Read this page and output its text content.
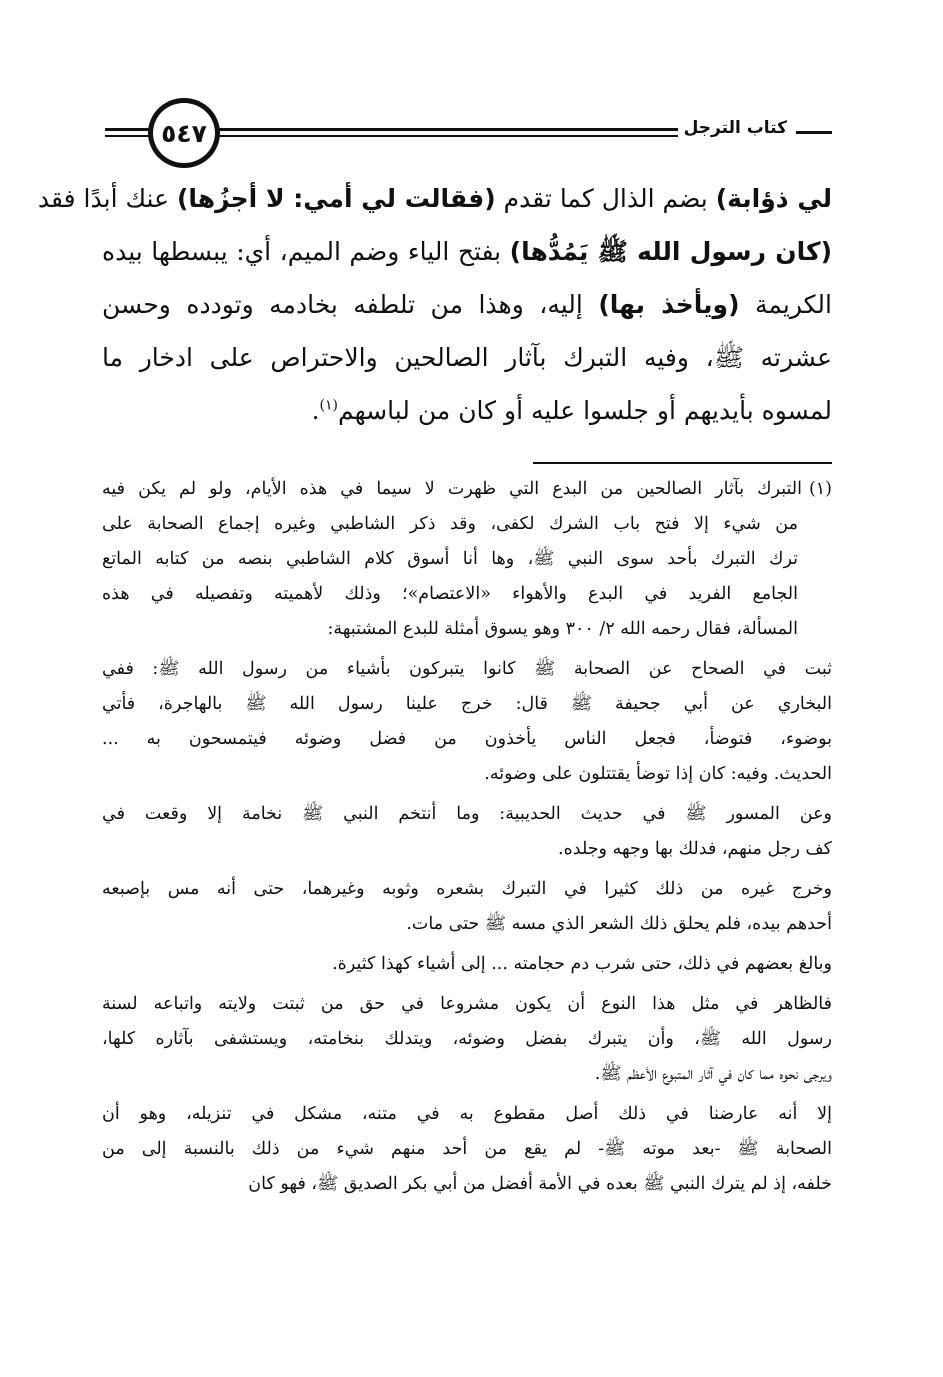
٥٤٧	كتاب الترجل
لي ذؤابة) بضم الذال كما تقدم (فقالت لي أمي: لا أجزُها) عنك أبدًا فقد
(كان رسول الله ﷺ يَمُدُّها) بفتح الياء وضم الميم، أي: يبسطها بيده
الكريمة (ويأخذ بها) إليه، وهذا من تلطفه بخادمه وتودده وحسن
عشرته ﷺ، وفيه التبرك بآثار الصالحين والاحتراص على ادخار ما
لمسوه بأيديهم أو جلسوا عليه أو كان من لباسهم$^{(١)}$.
(١)التبرك بآثار الصالحين من البدع التي ظهرت لا سيما في هذه الأيام، ولو لم يكن فيه
من شيء إلا فتح باب الشرك لكفى، وقد ذكر الشاطبي وغيره إجماع الصحابة على
ترك التبرك بأحد سوى النبي ﷺ، وها أنا أسوق كلام الشاطبي بنصه من كتابه الماتع
الجامع الفريد في البدع والأهواء «الاعتصام»؛ وذلك لأهميته وتفصيله في هذه
المسألة، فقال رحمه الله ٢/ ٣٠٠ وهو يسوق أمثلة للبدع المشتبهة:
ثبت في الصحاح عن الصحابة ﷺ كانوا يتبركون بأشياء من رسول الله ﷺ: ففي
البخاري عن أبي جحيفة ﷺ قال: خرج علينا رسول الله ﷺ بالهاجرة، فأتي
بوضوء، فتوضأ، فجعل الناس يأخذون من فضل وضوئه فيتمسحون به ...
الحديث. وفيه: كان إذا توضأ يقتتلون على وضوئه.
وعن المسور ﷺ في حديث الحديبية: وما أنتخم النبي ﷺ نخامة إلا وقعت في
كف رجل منهم، فدلك بها وجهه وجلده.
وخرج غيره من ذلك كثيرا في التبرك بشعره وثوبه وغيرهما، حتى أنه مس بإصبعه
أحدهم بيده، فلم يحلق ذلك الشعر الذي مسه ﷺ حتى مات.
وبالغ بعضهم في ذلك، حتى شرب دم حجامته ... إلى أشياء كهذا كثيرة.
فالظاهر في مثل هذا النوع أن يكون مشروعا في حق من ثبتت ولايته واتباعه لسنة
رسول الله ﷺ، وأن يتبرك بفضل وضوئه، ويتدلك بنخامته، ويستشفى بآثاره كلها،
ويرجى نحوه مما كان في آثار المتبوع الأعظم ﷺ.
إلا أنه عارضنا في ذلك أصل مقطوع به في متنه، مشكل في تنزيله، وهو أن
الصحابة ﷺ -بعد موته ﷺ- لم يقع من أحد منهم شيء من ذلك بالنسبة إلى من
خلفه، إذ لم يترك النبي ﷺ بعده في الأمة أفضل من أبي بكر الصديق ﷺ، فهو كان
